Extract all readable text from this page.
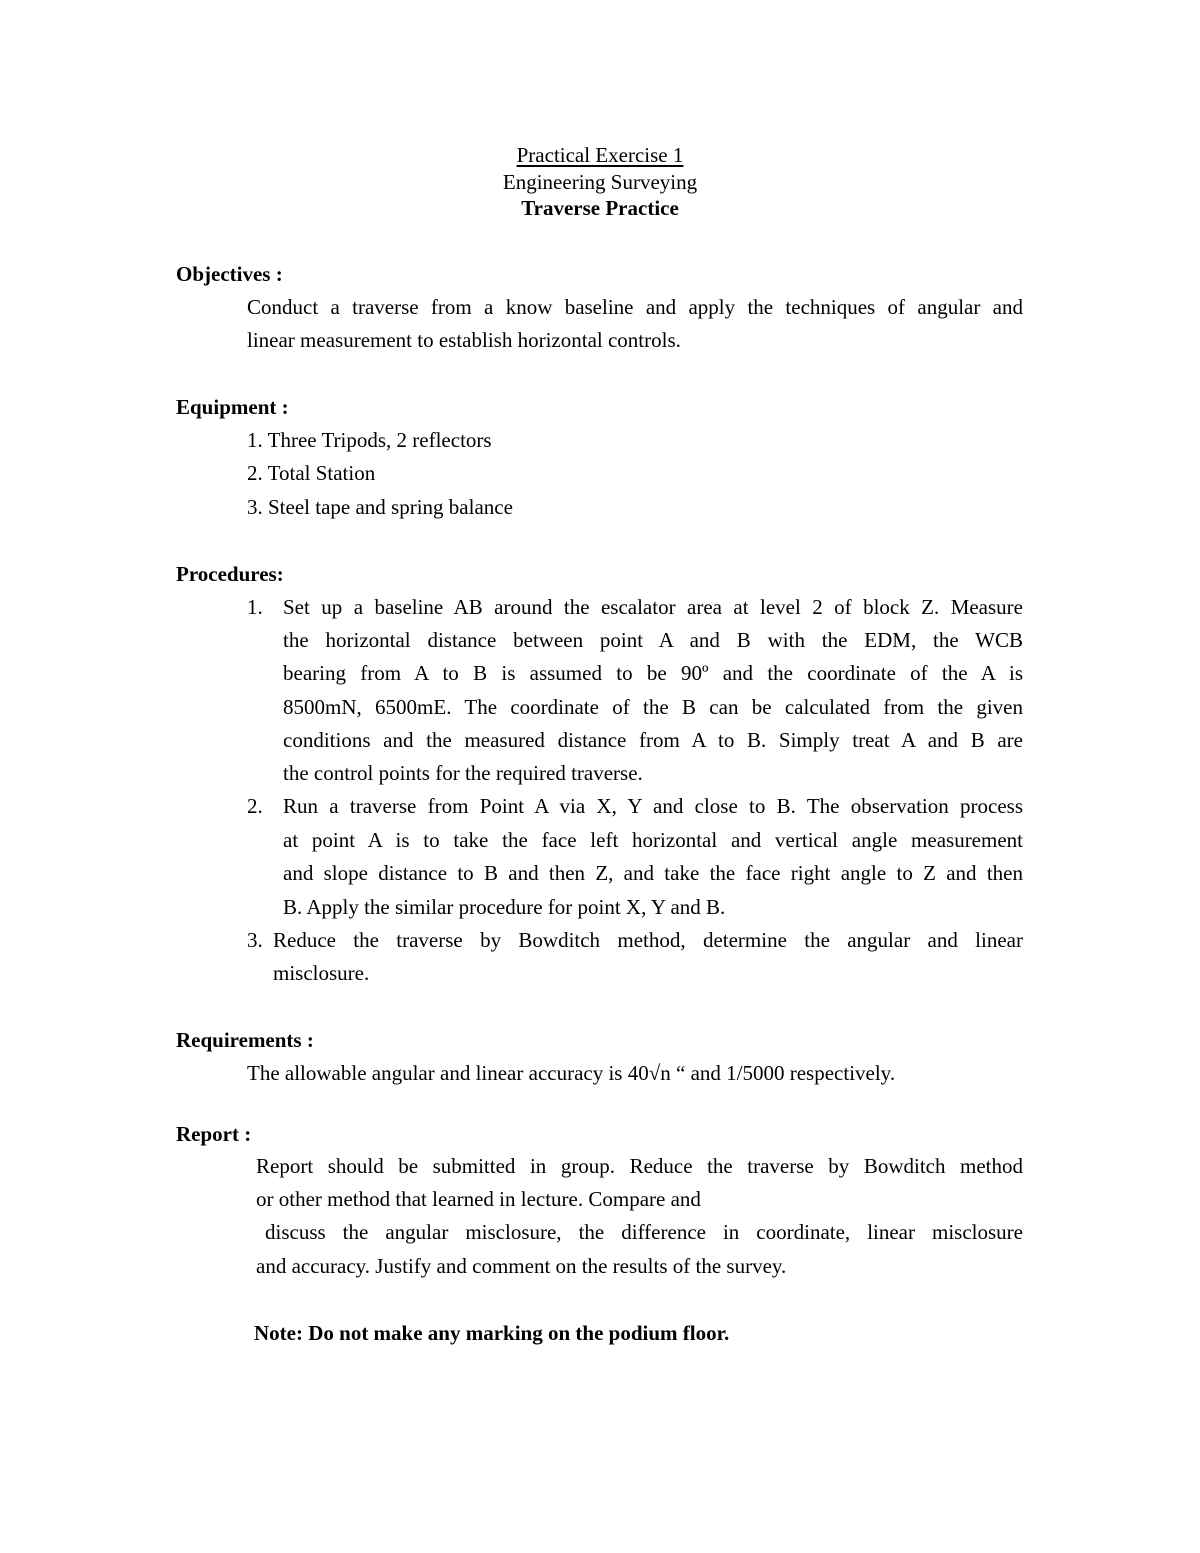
Practical Exercise 1
Engineering Surveying
Traverse Practice
Objectives :
Conduct a traverse from a know baseline and apply the techniques of angular and
linear measurement to establish horizontal controls.
Equipment :
1. Three Tripods, 2 reflectors
2. Total Station
3. Steel tape and spring balance
Procedures:
1. Set up a baseline AB around the escalator area at level 2 of block Z. Measure
the horizontal distance between point A and B with the EDM, the WCB
bearing from A to B is assumed to be 90º and the coordinate of the A is
8500mN, 6500mE. The coordinate of the B can be calculated from the given
conditions and the measured distance from A to B. Simply treat A and B are
the control points for the required traverse.
2. Run a traverse from Point A via X, Y and close to B. The observation process
at point A is to take the face left horizontal and vertical angle measurement
and slope distance to B and then Z, and take the face right angle to Z and then
B. Apply the similar procedure for point X, Y and B.
3. Reduce the traverse by Bowditch method, determine the angular and linear
misclosure.
Requirements :
The allowable angular and linear accuracy is 40√n “ and 1/5000 respectively.
Report :
Report should be submitted in group. Reduce the traverse by Bowditch method
or other method that learned in lecture. Compare and
discuss the angular misclosure, the difference in coordinate, linear misclosure
and accuracy. Justify and comment on the results of the survey.
Note: Do not make any marking on the podium floor.
